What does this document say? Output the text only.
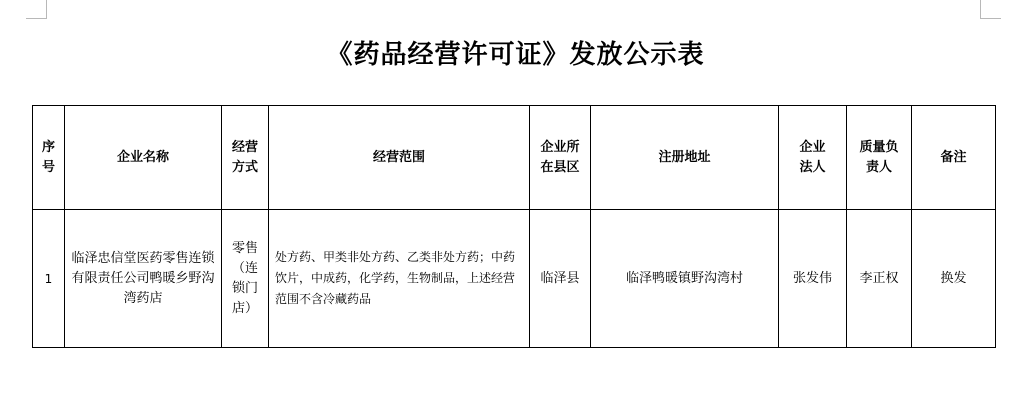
《药品经营许可证》发放公示表
序号	企业名称	经营方式	经营范围	企业所在县区	注册地址	企业法人	质量负责人	备注
1	临泽忠信堂医药零售连锁有限责任公司鸭暖乡野沟湾药店	零售（连锁门店）	处方药、甲类非处方药、乙类非处方药；中药饮片，中成药，化学药，生物制品，上述经营范围不含冷藏药品	临泽县	临泽鸭暖镇野沟湾村	张发伟	李正权	换发
